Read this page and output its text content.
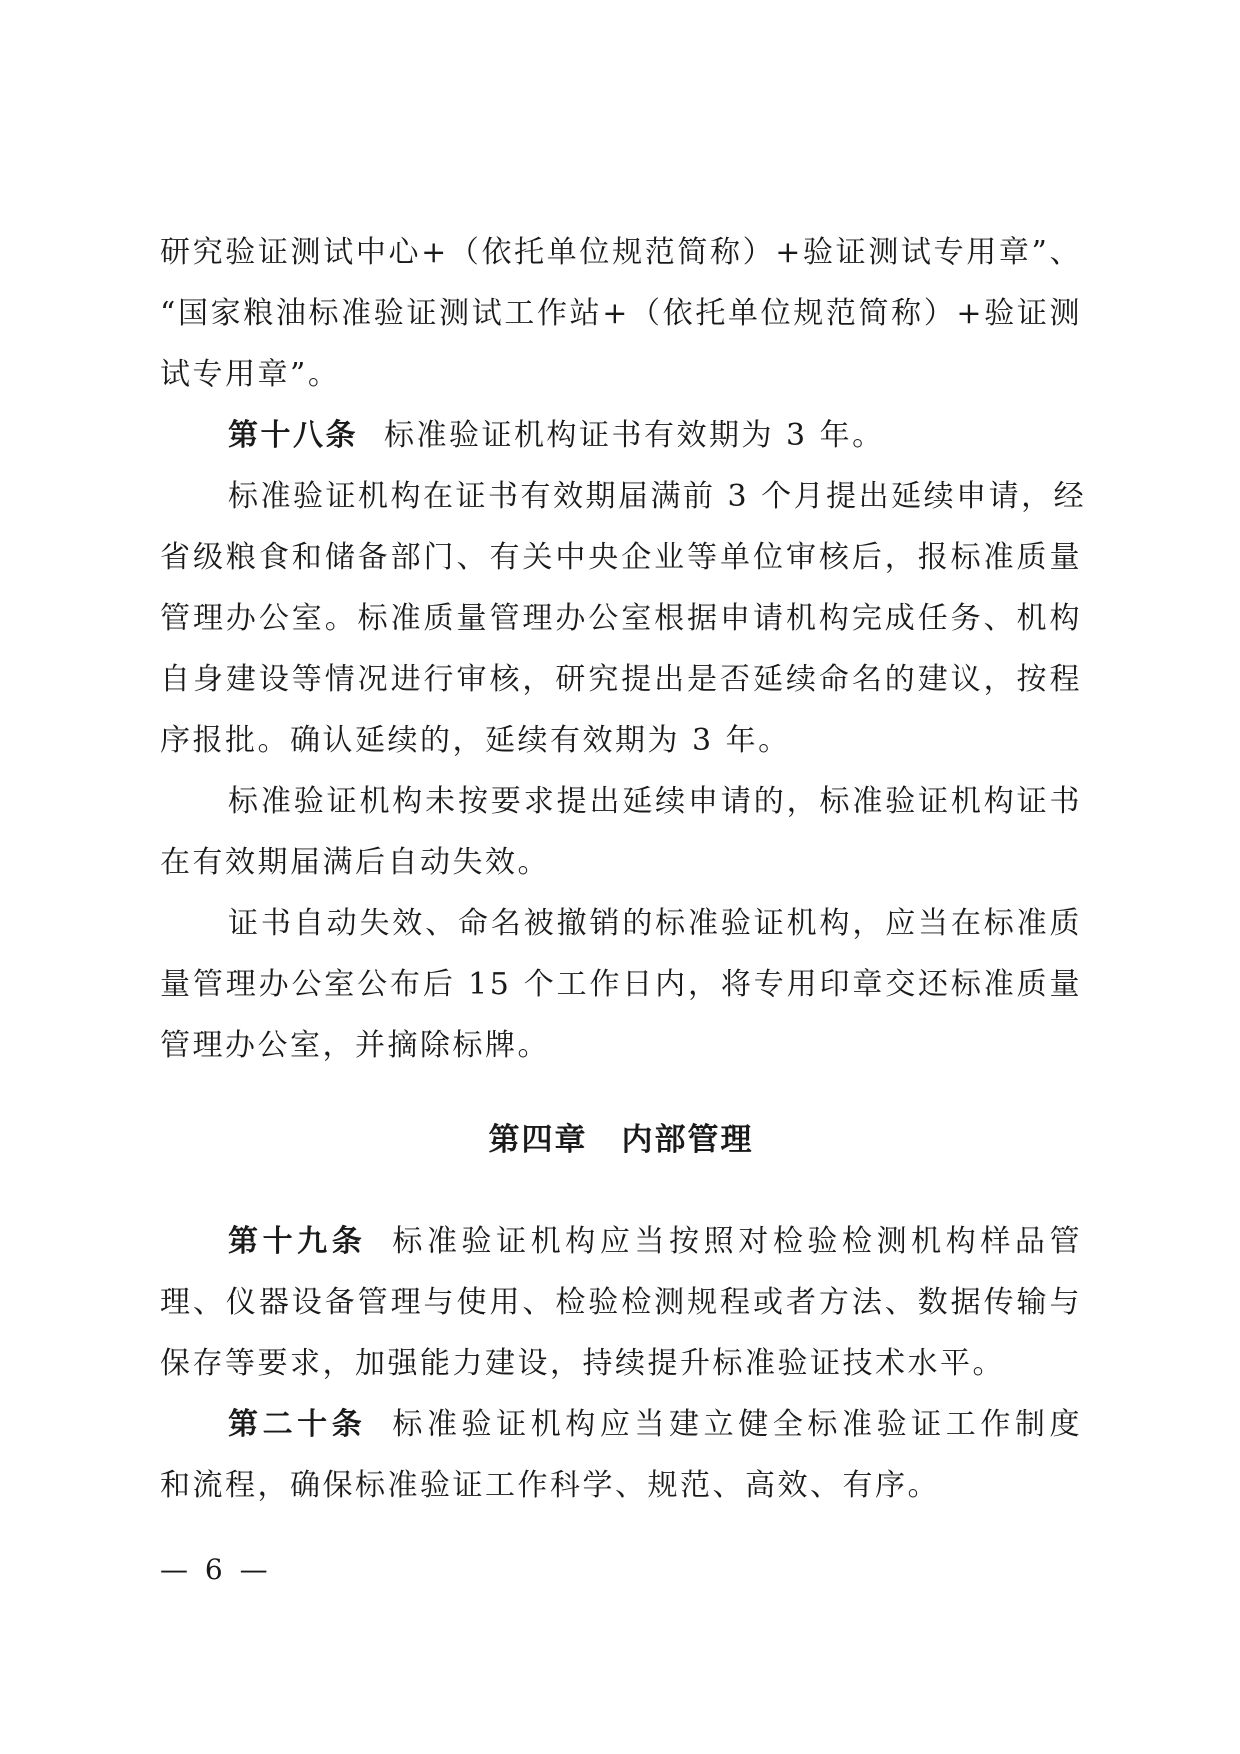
研究验证测试中心+（依托单位规范简称）+验证测试专用章”、
“国家粮油标准验证测试工作站+（依托单位规范简称）+验证测
试专用章”。
第十八条 标准验证机构证书有效期为 3 年。
标准验证机构在证书有效期届满前 3 个月提出延续申请，经
省级粮食和储备部门、有关中央企业等单位审核后，报标准质量
管理办公室。标准质量管理办公室根据申请机构完成任务、机构
自身建设等情况进行审核，研究提出是否延续命名的建议，按程
序报批。确认延续的，延续有效期为 3 年。
标准验证机构未按要求提出延续申请的，标准验证机构证书
在有效期届满后自动失效。
证书自动失效、命名被撤销的标准验证机构，应当在标准质
量管理办公室公布后 15 个工作日内，将专用印章交还标准质量
管理办公室，并摘除标牌。
第四章 内部管理
第十九条 标准验证机构应当按照对检验检测机构样品管
理、仪器设备管理与使用、检验检测规程或者方法、数据传输与
保存等要求，加强能力建设，持续提升标准验证技术水平。
第二十条 标准验证机构应当建立健全标准验证工作制度
和流程，确保标准验证工作科学、规范、高效、有序。
— 6 —
